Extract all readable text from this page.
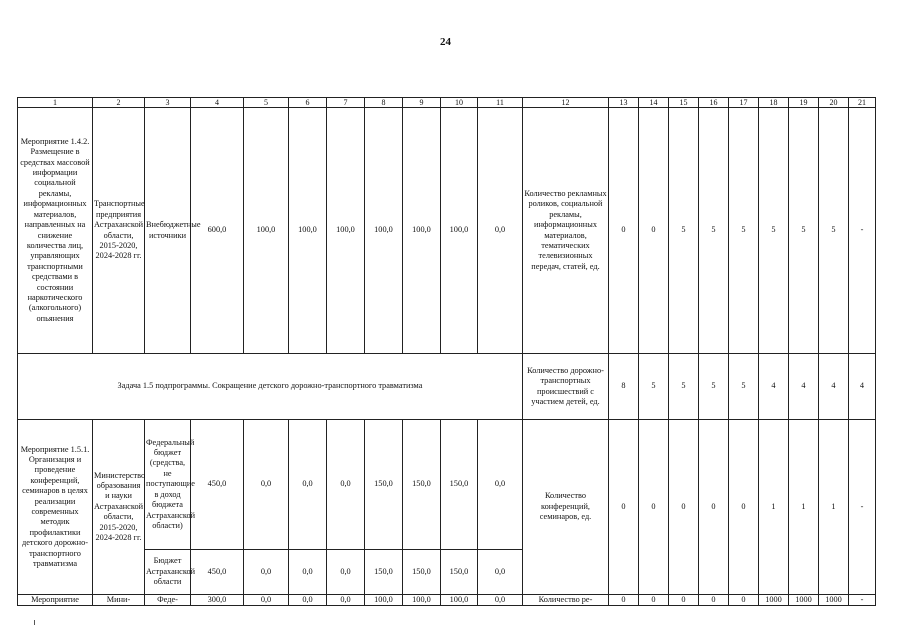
24
1	2	3	4	5	6	7	8	9	10	11	12	13	14	15	16	17	18	19	20	21
Мероприятие 1.4.2. Размещение в средствах массовой информации социальной рекламы, информационных материалов, направленных на снижение количества лиц, управляющих транспортными средствами в состоянии наркотического (алкогольного) опьянения	Транспортные предприятия Астраханской области, 2015-2020, 2024-2028 гг.	Внебюджетные источники	600,0	100,0	100,0	100,0	100,0	100,0	100,0	0,0	Количество рекламных роликов, социальной рекламы, информационных материалов, тематических телевизионных передач, статей, ед.	0	0	5	5	5	5	5	5	-
Задача 1.5 подпрограммы. Сокращение детского дорожно-транспортного травматизма											Количество дорожно-транспортных происшествий с участием детей, ед.	8	5	5	5	5	4	4	4	4
Мероприятие 1.5.1. Организация и проведение конференций, семинаров в целях реализации современных методик профилактики детского дорожно-транспортного травматизма	Министерство образования и науки Астраханской области, 2015-2020, 2024-2028 гг.	Федеральный бюджет (средства, не поступающие в доход бюджета Астраханской области)	450,0	0,0	0,0	0,0	150,0	150,0	150,0	0,0	Количество конференций, семинаров, ед.	0	0	0	0	0	1	1	1	-
		Бюджет Астраханской области	450,0	0,0	0,0	0,0	150,0	150,0	150,0	0,0										
Мероприятие	Мини-	Феде-	300,0	0,0	0,0	0,0	100,0	100,0	100,0	0,0	Количество ре-	0	0	0	0	0	1000	1000	1000	-
